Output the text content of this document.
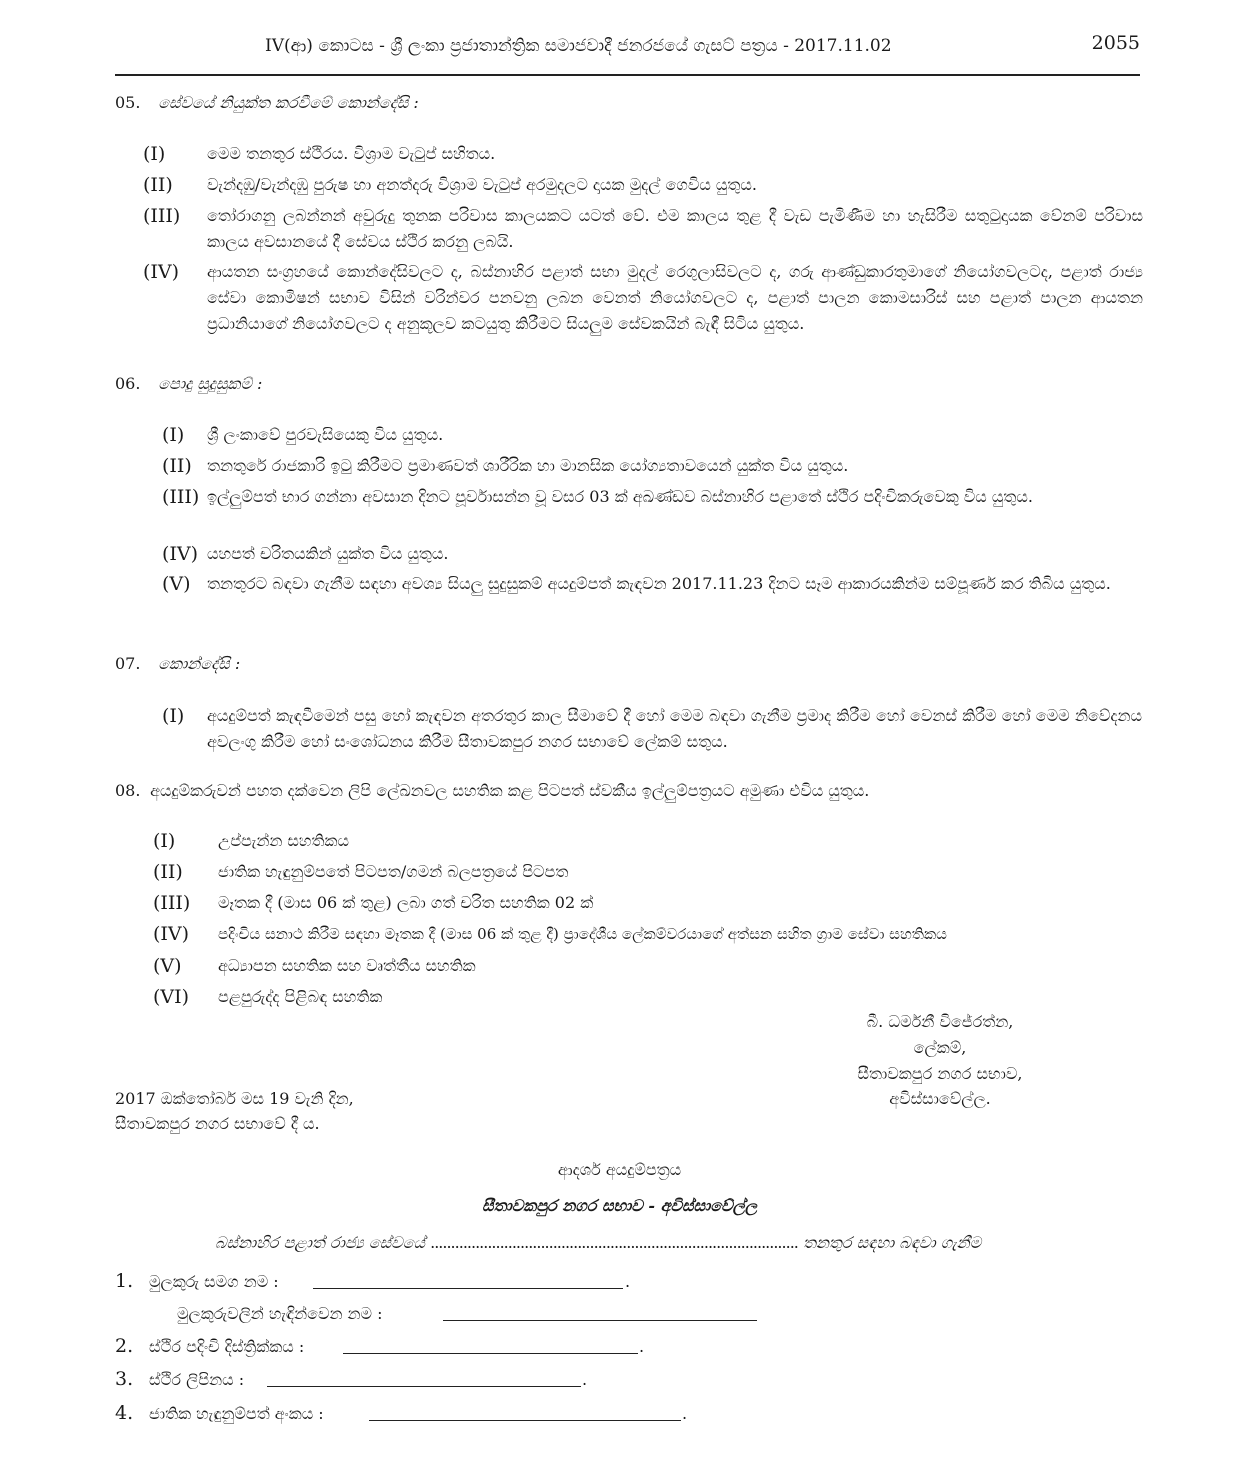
IV(ආ) කොටස - ශ්‍රී ලංකා ප්‍රජාතාන්ත්‍රික සමාජවාදී ජනරජයේ ගැසට් පත්‍රය - 2017.11.02	2055
05. සේවයේ නියුක්ත කරවීමේ කොන්දේසි :
(I)	මෙම තනතුර ස්ථිරය. විශ්‍රාම වැටුප් සහිතය.
(II) වැන්දඹු/වැන්දඹු පුරුෂ හා අනත්දරු විශ්‍රාම වැටුප් අරමුදලට දායක මුදල් ගෙවිය යුතුය.
(III) තෝරාගනු ලබන්නන් අවුරුදු තුනක පරිවාස කාලයකට යටත් වේ. එම කාලය තුළ දී වැඩ පැමිණීම හා හැසිරීම සතුටුදායක වේනම් පරිවාස කාලය අවසානයේ දී සේවය ස්ථිර කරනු ලබයි.
(IV) ආයතන සංග්‍රහයේ කොන්දේසිවලට ද, බස්නාහිර පළාත් සභා මුදල් රෙගුලාසිවලට ද, ගරු ආණ්ඩුකාරතුමාගේ නියෝගවලටද, පළාත් රාජ්‍ය සේවා කොමිෂන් සභාව විසින් වරින්වර පනවනු ලබන වෙනත් නියෝගවලට ද, පළාත් පාලන කොමසාරිස් සහ පළාත් පාලන ආයතන ප්‍රධානියාගේ නියෝගවලට ද අනුකූලව කටයුතු කිරීමට සියලුම සේවකයින් බැඳී සිටිය යුතුය.
06. පොදු සුදුසුකම් :
(I) ශ්‍රී ලංකාවේ පුරවැසියෙකු විය යුතුය.
(II) තනතුරේ රාජකාරි ඉටු කිරීමට ප්‍රමාණවත් ශාරීරික හා මානසික යෝග්‍යතාවයෙන් යුක්ත විය යුතුය.
(III) ඉල්ලුම්පත් භාර ගන්නා අවසාන දිනට පූර්වාසන්න වූ වසර 03 ක් අඛණ්ඩව බස්නාහිර පළාතේ ස්ථිර පදිංචිකරුවෙකු විය යුතුය.
(IV) යහපත් චරිතයකින් යුක්ත විය යුතුය.
(V) තනතුරට බඳවා ගැනීම සඳහා අවශ්‍ය සියලු සුදුසුකම් අයදුම්පත් කැඳවන 2017.11.23 දිනට සෑම ආකාරයකින්ම සම්පූර්ණ කර තිබිය යුතුය.
07. කොන්දේසි :
(I) අයදුම්පත් කැඳවීමෙන් පසු හෝ කැඳවන අතරතුර කාල සීමාවේ දී හෝ මෙම බඳවා ගැනීම ප්‍රමාද කිරීම හෝ වෙනස් කිරීම හෝ මෙම නිවේදනය අවලංගු කිරීම හෝ සංශෝධනය කිරීම සීතාවකපුර නගර සභාවේ ලේකම් සතුය.
08. අයදුම්කරුවන් පහත දක්වෙන ලිපි ලේඛනවල සහතික කළ පිටපත් ස්වකීය ඉල්ලුම්පත්‍රයට අමුණා එවිය යුතුය.
(I)	උප්පැන්න සහතිකය
(II) ජාතික හැඳුනුම්පතේ පිටපත/ගමන් බලපත්‍රයේ පිටපත
(III) මෑතක දී (මාස 06 ක් තුළ) ලබා ගත් චරිත සහතික 02 ක්
(IV) පදිංචිය සනාථ කිරීම සඳහා මෑතක දී (මාස 06 ක් තුළ දී) ප්‍රාදේශීය ලේකම්වරයාගේ අත්සන සහිත ග්‍රාම සේවා සහතිකය
(V) අධ්‍යාපන සහතික සහ වෘත්තීය සහතික
(VI) පළපුරුද්ද පිළිබඳ සහතික
බී. ධර්මනී විජේරත්න,
ලේකම්,
සීතාවකපුර නගර සභාව,
අවිස්සාවේල්ල.
2017 ඔක්තෝබර් මස 19 වැනි දින,
සීතාවකපුර නගර සභාවේ දී ය.
ආදර්ශ අයදුම්පත්‍රය
සීතාවකපුර නගර සභාව - අවිස්සාවේල්ල
බස්නාහිර පළාත් රාජ්‍ය සේවයේ .......................................................................................... තනතුර සඳහා බඳවා ගැනීම
1. මුලකුරු සමග නම :	.
මුලකුරුවලින් හැඳින්වෙන නම :
2. ස්ථිර පදිංචි දිස්ත්‍රික්කය :	.
3. ස්ථිර ලිපිනය :	.
4. ජාතික හැඳුනුම්පත් අංකය :	.
